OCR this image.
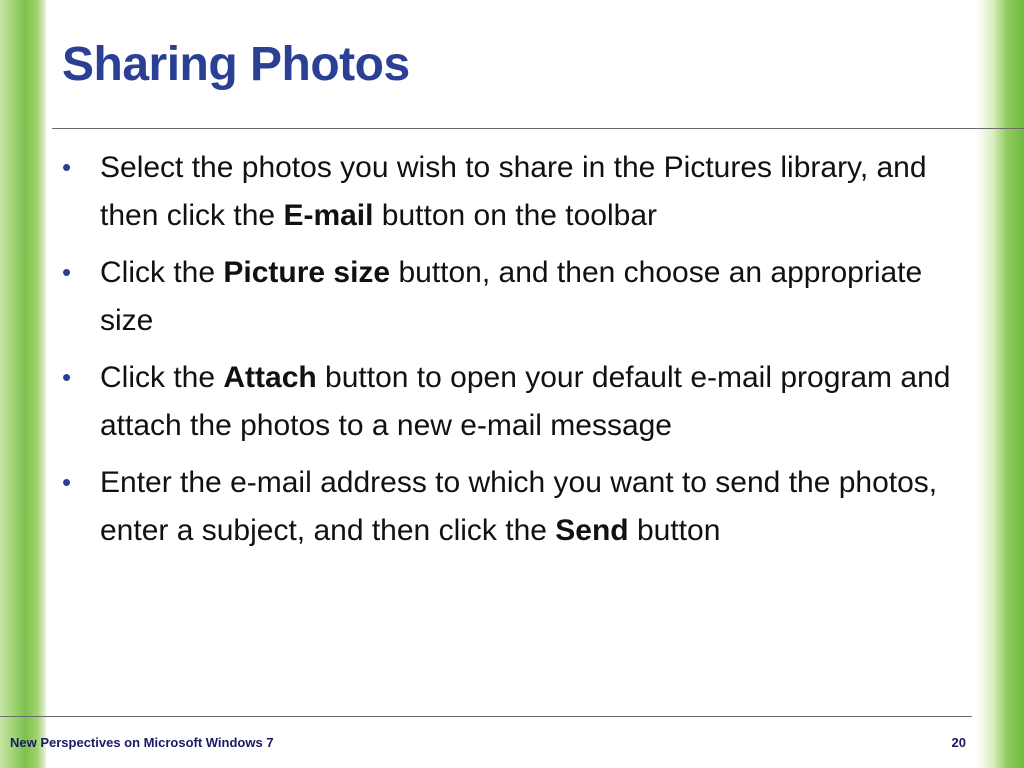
Sharing Photos
• Select the photos you wish to share in the Pictures library, and then click the E-mail button on the toolbar
• Click the Picture size button, and then choose an appropriate size
• Click the Attach button to open your default e-mail program and attach the photos to a new e-mail message
• Enter the e-mail address to which you want to send the photos, enter a subject, and then click the Send button
New Perspectives on Microsoft Windows 7	20
